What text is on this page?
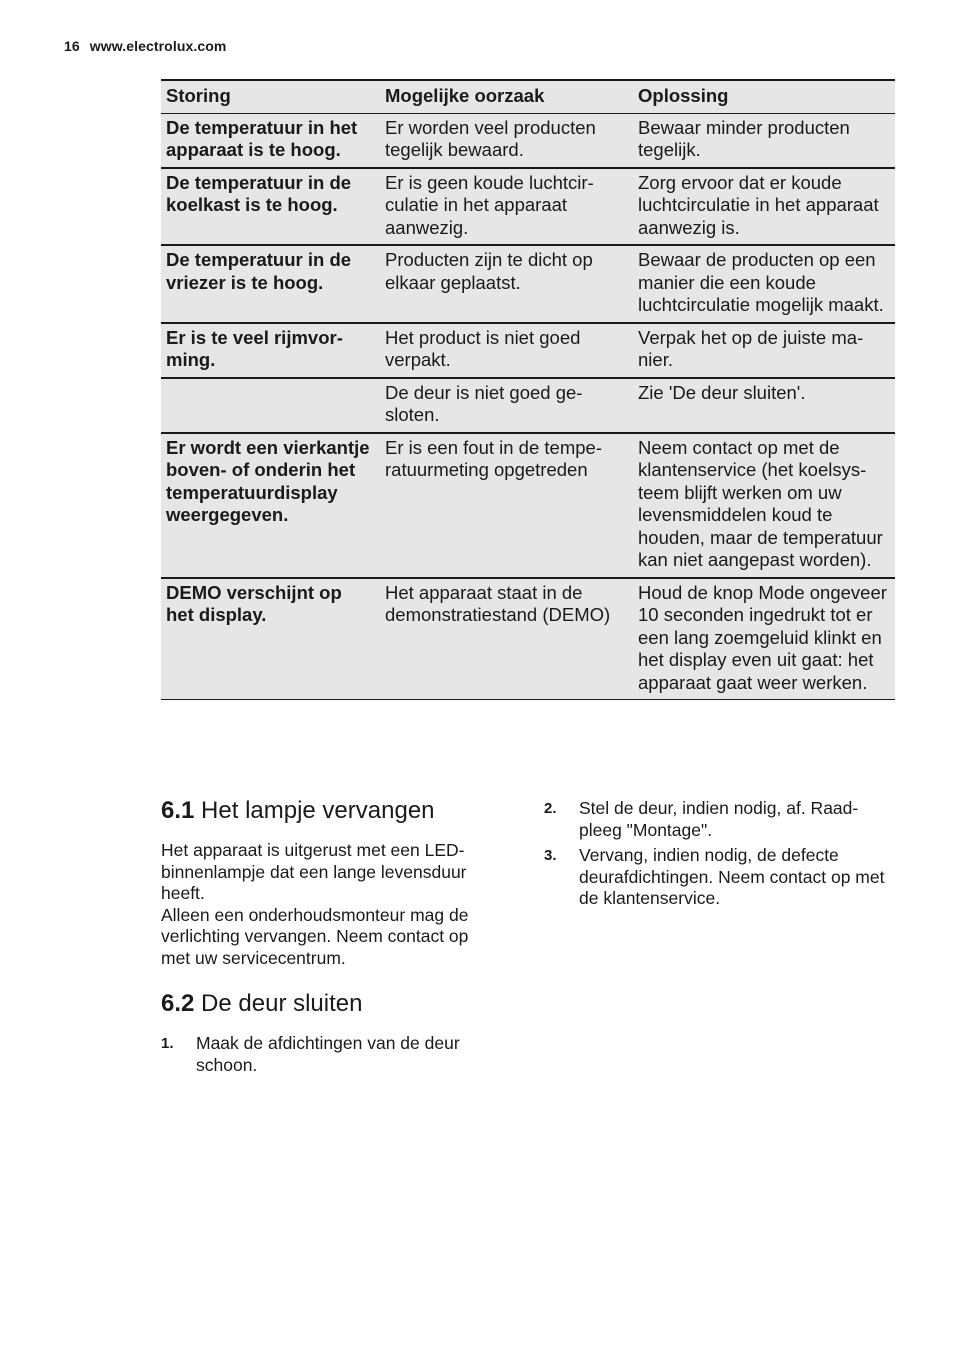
16 www.electrolux.com
Storing	Mogelijke oorzaak	Oplossing
De temperatuur in het apparaat is te hoog.	Er worden veel producten tegelijk bewaard.	Bewaar minder producten tegelijk.
De temperatuur in de koelkast is te hoog.	Er is geen koude luchtcirculatie in het apparaat aanwezig.	Zorg ervoor dat er koude luchtcirculatie in het apparaat aanwezig is.
De temperatuur in de vriezer is te hoog.	Producten zijn te dicht op elkaar geplaatst.	Bewaar de producten op een manier die een koude luchtcirculatie mogelijk maakt.
Er is te veel rijmvorming.	Het product is niet goed verpakt.	Verpak het op de juiste manier.
	De deur is niet goed gesloten.	Zie 'De deur sluiten'.
Er wordt een vierkantje boven- of onderin het temperatuurdisplay weergegeven.	Er is een fout in de temperatuurmeting opgetreden	Neem contact op met de klantenservice (het koelsysteem blijft werken om uw levensmiddelen koud te houden, maar de temperatuur kan niet aangepast worden).
DEMO verschijnt op het display.	Het apparaat staat in de demonstratiestand (DEMO)	Houd de knop Mode ongeveer 10 seconden ingedrukt tot er een lang zoemgeluid klinkt en het display even uit gaat: het apparaat gaat weer werken.
6.1 Het lampje vervangen

Het apparaat is uitgerust met een LED-binnenlampje dat een lange levensduur heeft.

Alleen een onderhoudsmonteur mag de verlichting vervangen. Neem contact op met uw servicecentrum.

6.2 De deur sluiten
1. Maak de afdichtingen van de deur schoon.
2. Stel de deur, indien nodig, af. Raadpleeg "Montage".
3. Vervang, indien nodig, de defecte deurafdichtingen. Neem contact op met de klantenservice.
